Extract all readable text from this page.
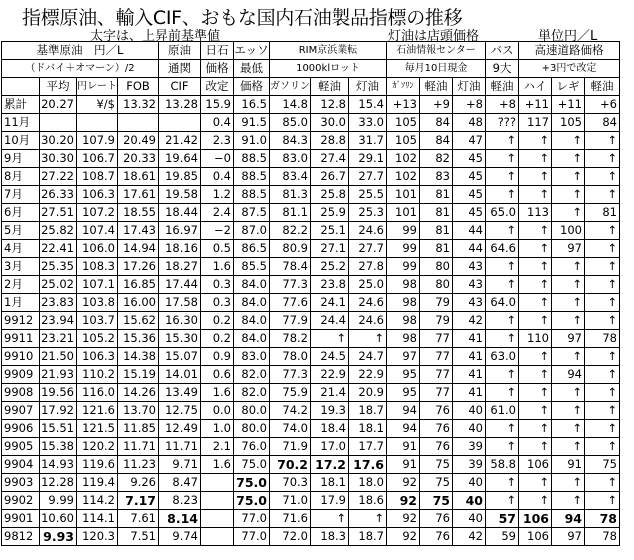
指標原油、輸入CIF、おもな国内石油製品指標の推移
太字は、上昇前基準値	灯油は店頭価格	単位円／L
基準原油　円／L				原油	日石	エッソ	RIM京浜業転			石油情報センター			バス	高速道路価格		
（ドバイ＋オマーン）/2				通関	価格	最低	1000klロット			毎月10日現金			9大	+3円で改定		
	平均	円レート	FOB	CIF	改定	価格	ガソリン	軽油	灯油	ｶﾞｿﾘﾝ	軽油	灯油	軽油	ハイ	レギ	軽油
累計	20.27	¥/$	13.32	13.28	15.9	16.5	14.8	12.8	15.4	+13	+9	+8	+8	+11	+11	+6
11月					0.4	91.5	85.0	30.0	33.0	105	84	48	???	117	105	84
10月	30.20	107.9	20.49	21.42	2.3	91.0	84.3	28.8	31.7	105	84	47	↑	↑	↑	↑
9月	30.30	106.7	20.33	19.64	−0	88.5	83.0	27.4	29.1	102	82	45	↑	↑	↑	↑
8月	27.22	108.7	18.61	19.85	0.4	88.5	83.4	26.7	27.7	102	83	45	↑	↑	↑	↑
7月	26.33	106.3	17.61	19.58	1.2	88.5	81.3	25.8	25.5	101	81	45	↑	↑	↑	↑
6月	27.51	107.2	18.55	18.44	2.4	87.5	81.1	25.9	25.3	101	81	45	65.0	113	↑	81
5月	25.82	107.4	17.43	16.97	−2	87.0	82.2	25.1	24.6	99	81	44	↑	↑	100	↑
4月	22.41	106.0	14.94	18.16	0.5	86.5	80.9	27.1	27.7	99	81	44	64.6	↑	97	↑
3月	25.35	108.3	17.26	18.27	1.6	85.5	78.4	25.2	27.8	99	80	43	↑	↑	↑	↑
2月	25.02	107.1	16.85	17.44	0.3	84.0	77.3	23.8	25.0	98	80	43	↑	↑	↑	↑
1月	23.83	103.8	16.00	17.58	0.3	84.0	77.6	24.1	24.6	98	79	43	64.0	↑	↑	↑
9912	23.94	103.7	15.62	16.30	0.2	84.0	77.9	24.4	24.6	98	79	42	↑	↑	↑	↑
9911	23.21	105.2	15.36	15.30	0.2	84.0	78.2	↑	↑	98	77	41	↑	110	97	78
9910	21.50	106.3	14.38	15.07	0.9	83.0	78.0	24.5	24.7	97	77	41	63.0	↑	↑	↑
9909	21.93	110.2	15.19	14.01	0.6	82.0	77.3	22.9	22.9	95	77	41	↑	↑	94	↑
9908	19.56	116.0	14.26	13.49	1.6	82.0	75.9	21.4	20.9	95	77	41	↑	↑	↑	↑
9907	17.92	121.6	13.70	12.75	0.0	80.0	74.2	19.3	18.7	94	76	40	61.0	↑	↑	↑
9906	15.51	121.5	11.85	12.49	1.0	80.0	74.0	18.4	18.1	94	76	40	↑	↑	↑	↑
9905	15.38	120.2	11.71	11.71	2.1	76.0	71.9	17.0	17.7	91	76	39	↑	↑	↑	↑
9904	14.93	119.6	11.23	9.71	1.6	75.0	70.2	17.2	17.6	91	75	39	58.8	106	91	75
9903	12.28	119.4	9.26	8.47		75.0	70.3	18.1	18.0	92	75	40	↑	↑	↑	↑
9902	9.99	114.2	7.17	8.23		75.0	71.0	17.9	18.6	92	75	40	↑	↑	↑	↑
9901	10.60	114.1	7.61	8.14		77.0	71.6	↑	↑	92	76	40	57	106	94	78
9812	9.93	120.3	7.51	9.74		77.0	72.0	18.3	18.7	92	76	42	59	106	97	78
